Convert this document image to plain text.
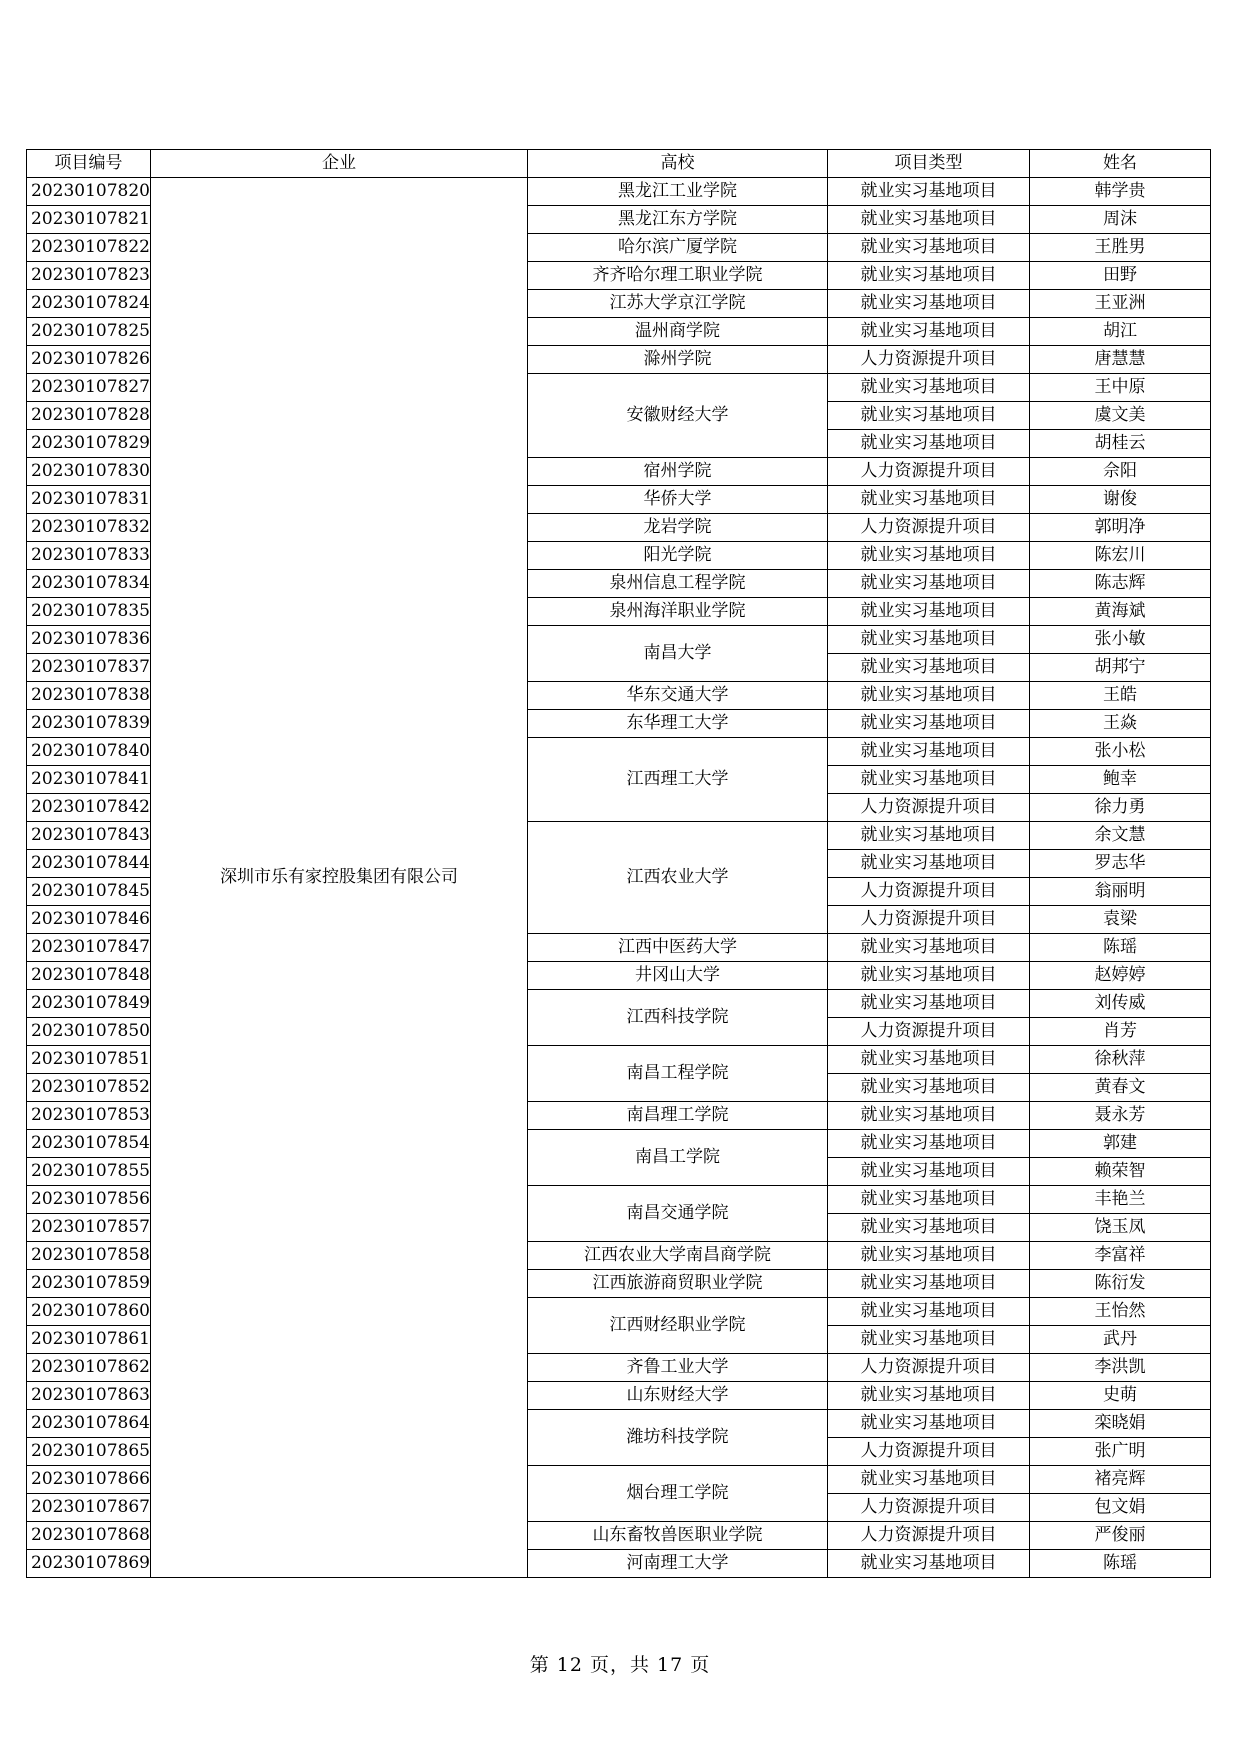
项目编号	企业	高校	项目类型	姓名
20230107820	深圳市乐有家控股集团有限公司	黑龙江工业学院	就业实习基地项目	韩学贵
20230107821		黑龙江东方学院	就业实习基地项目	周沫
20230107822		哈尔滨广厦学院	就业实习基地项目	王胜男
20230107823		齐齐哈尔理工职业学院	就业实习基地项目	田野
20230107824		江苏大学京江学院	就业实习基地项目	王亚洲
20230107825		温州商学院	就业实习基地项目	胡江
20230107826		滁州学院	人力资源提升项目	唐慧慧
20230107827		安徽财经大学	就业实习基地项目	王中原
20230107828			就业实习基地项目	虞文美
20230107829			就业实习基地项目	胡桂云
20230107830		宿州学院	人力资源提升项目	佘阳
20230107831		华侨大学	就业实习基地项目	谢俊
20230107832		龙岩学院	人力资源提升项目	郭明净
20230107833		阳光学院	就业实习基地项目	陈宏川
20230107834		泉州信息工程学院	就业实习基地项目	陈志辉
20230107835		泉州海洋职业学院	就业实习基地项目	黄海斌
20230107836		南昌大学	就业实习基地项目	张小敏
20230107837			就业实习基地项目	胡邦宁
20230107838		华东交通大学	就业实习基地项目	王皓
20230107839		东华理工大学	就业实习基地项目	王焱
20230107840		江西理工大学	就业实习基地项目	张小松
20230107841			就业实习基地项目	鲍幸
20230107842			人力资源提升项目	徐力勇
20230107843		江西农业大学	就业实习基地项目	余文慧
20230107844			就业实习基地项目	罗志华
20230107845			人力资源提升项目	翁丽明
20230107846			人力资源提升项目	袁梁
20230107847		江西中医药大学	就业实习基地项目	陈瑶
20230107848		井冈山大学	就业实习基地项目	赵婷婷
20230107849		江西科技学院	就业实习基地项目	刘传威
20230107850			人力资源提升项目	肖芳
20230107851		南昌工程学院	就业实习基地项目	徐秋萍
20230107852			就业实习基地项目	黄春文
20230107853		南昌理工学院	就业实习基地项目	聂永芳
20230107854		南昌工学院	就业实习基地项目	郭建
20230107855			就业实习基地项目	赖荣智
20230107856		南昌交通学院	就业实习基地项目	丰艳兰
20230107857			就业实习基地项目	饶玉凤
20230107858		江西农业大学南昌商学院	就业实习基地项目	李富祥
20230107859		江西旅游商贸职业学院	就业实习基地项目	陈衍发
20230107860		江西财经职业学院	就业实习基地项目	王怡然
20230107861			就业实习基地项目	武丹
20230107862		齐鲁工业大学	人力资源提升项目	李洪凯
20230107863		山东财经大学	就业实习基地项目	史萌
20230107864		潍坊科技学院	就业实习基地项目	栾晓娟
20230107865			人力资源提升项目	张广明
20230107866		烟台理工学院	就业实习基地项目	褚亮辉
20230107867			人力资源提升项目	包文娟
20230107868		山东畜牧兽医职业学院	人力资源提升项目	严俊丽
20230107869		河南理工大学	就业实习基地项目	陈瑶
第 12 页，共 17 页
